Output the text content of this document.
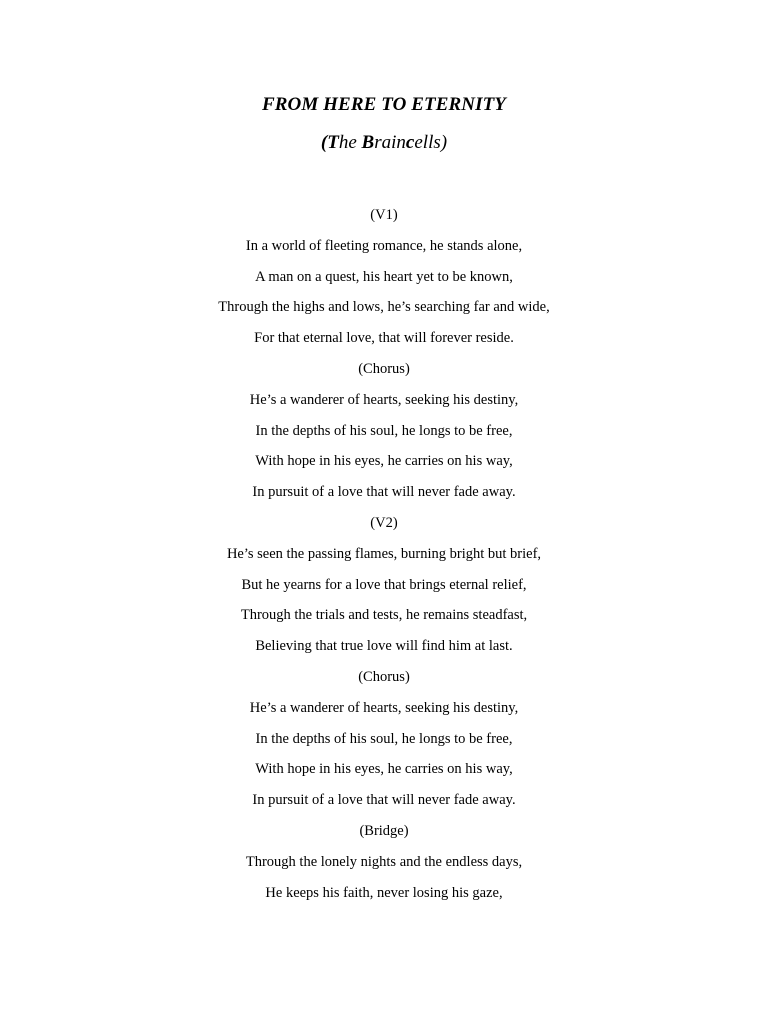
FROM HERE TO ETERNITY
(The Braincells)
(V1)
In a world of fleeting romance, he stands alone,
A man on a quest, his heart yet to be known,
Through the highs and lows, he’s searching far and wide,
For that eternal love, that will forever reside.
(Chorus)
He’s a wanderer of hearts, seeking his destiny,
In the depths of his soul, he longs to be free,
With hope in his eyes, he carries on his way,
In pursuit of a love that will never fade away.
(V2)
He’s seen the passing flames, burning bright but brief,
But he yearns for a love that brings eternal relief,
Through the trials and tests, he remains steadfast,
Believing that true love will find him at last.
(Chorus)
He’s a wanderer of hearts, seeking his destiny,
In the depths of his soul, he longs to be free,
With hope in his eyes, he carries on his way,
In pursuit of a love that will never fade away.
(Bridge)
Through the lonely nights and the endless days,
He keeps his faith, never losing his gaze,
